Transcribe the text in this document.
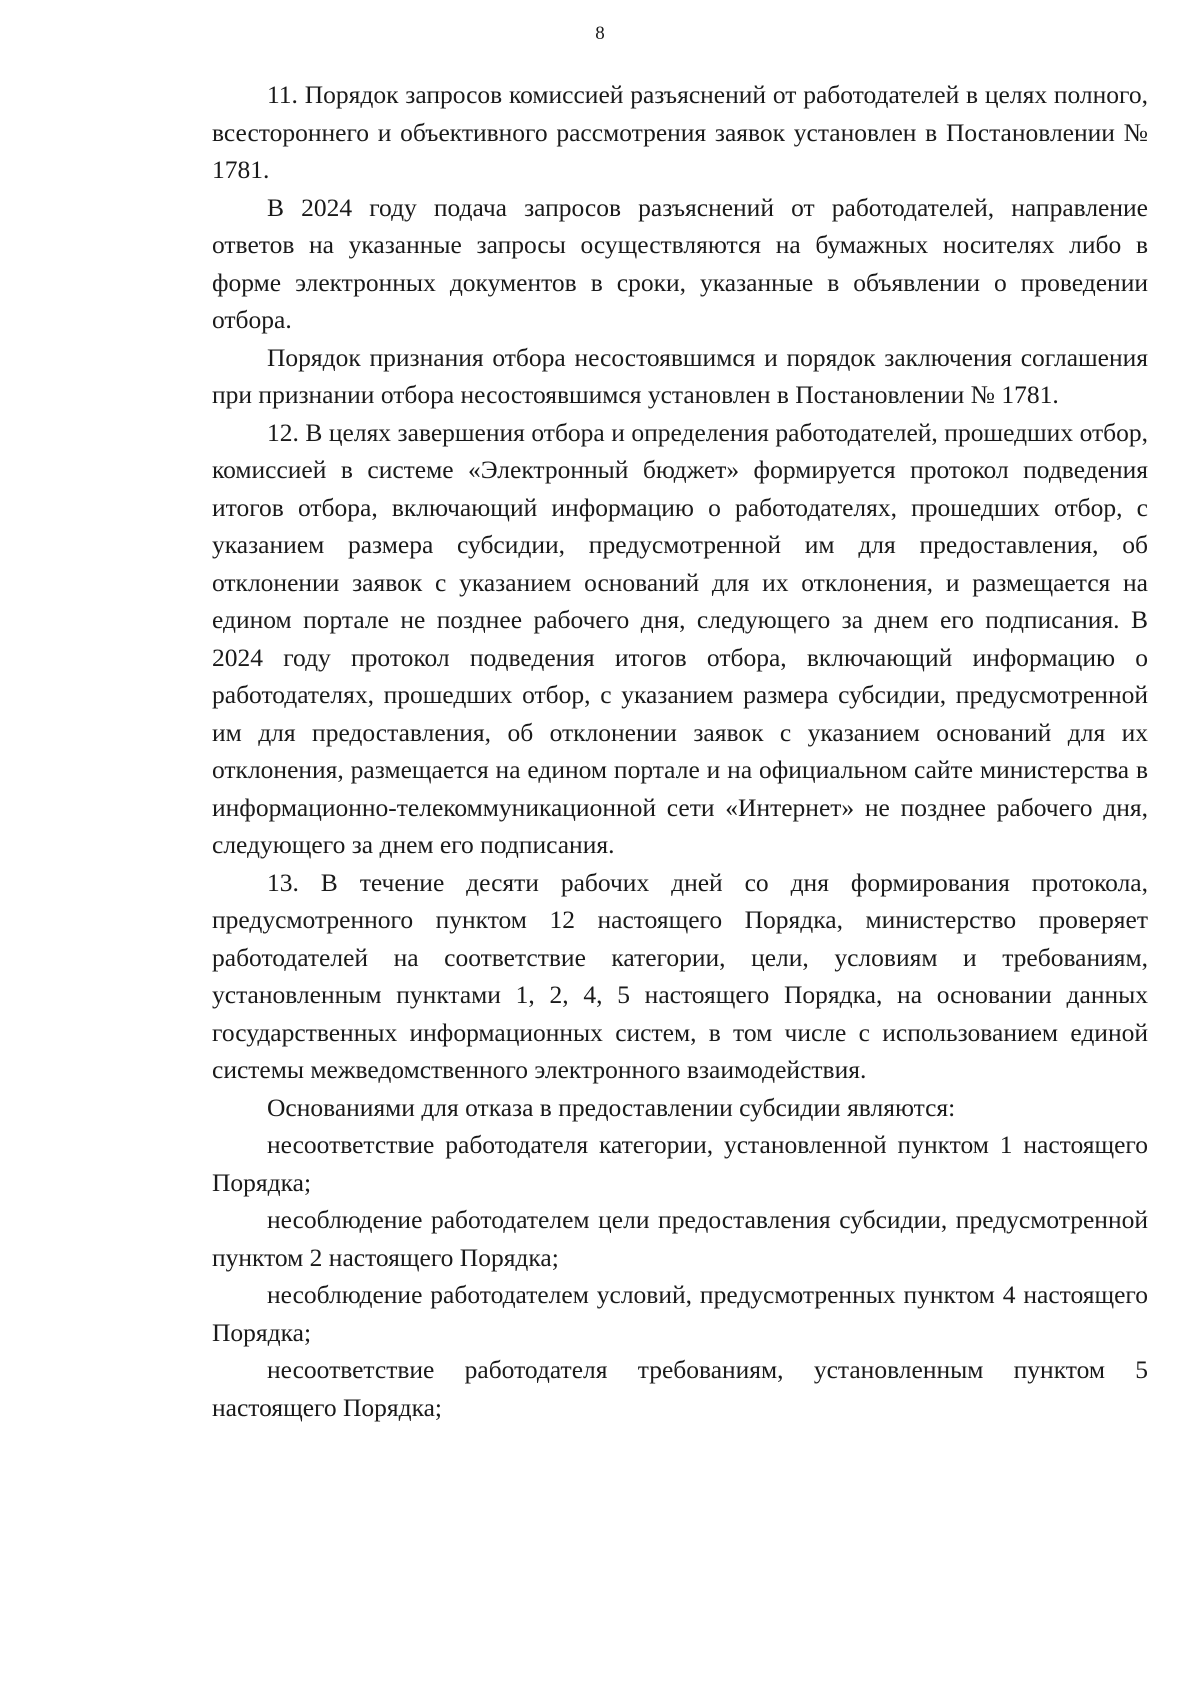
8

11. Порядок запросов комиссией разъяснений от работодателей в целях полного, всестороннего и объективного рассмотрения заявок установлен в Постановлении № 1781.

В 2024 году подача запросов разъяснений от работодателей, направление ответов на указанные запросы осуществляются на бумажных носителях либо в форме электронных документов в сроки, указанные в объявлении о проведении отбора.

Порядок признания отбора несостоявшимся и порядок заключения соглашения при признании отбора несостоявшимся установлен в Постановлении № 1781.

12. В целях завершения отбора и определения работодателей, прошедших отбор, комиссией в системе «Электронный бюджет» формируется протокол подведения итогов отбора, включающий информацию о работодателях, прошедших отбор, с указанием размера субсидии, предусмотренной им для предоставления, об отклонении заявок с указанием оснований для их отклонения, и размещается на едином портале не позднее рабочего дня, следующего за днем его подписания. В 2024 году протокол подведения итогов отбора, включающий информацию о работодателях, прошедших отбор, с указанием размера субсидии, предусмотренной им для предоставления, об отклонении заявок с указанием оснований для их отклонения, размещается на едином портале и на официальном сайте министерства в информационно-телекоммуникационной сети «Интернет» не позднее рабочего дня, следующего за днем его подписания.

13. В течение десяти рабочих дней со дня формирования протокола, предусмотренного пунктом 12 настоящего Порядка, министерство проверяет работодателей на соответствие категории, цели, условиям и требованиям, установленным пунктами 1, 2, 4, 5 настоящего Порядка, на основании данных государственных информационных систем, в том числе с использованием единой системы межведомственного электронного взаимодействия.

Основаниями для отказа в предоставлении субсидии являются:

несоответствие работодателя категории, установленной пунктом 1 настоящего Порядка;

несоблюдение работодателем цели предоставления субсидии, предусмотренной пунктом 2 настоящего Порядка;

несоблюдение работодателем условий, предусмотренных пунктом 4 настоящего Порядка;

несоответствие работодателя требованиям, установленным пунктом 5 настоящего Порядка;
